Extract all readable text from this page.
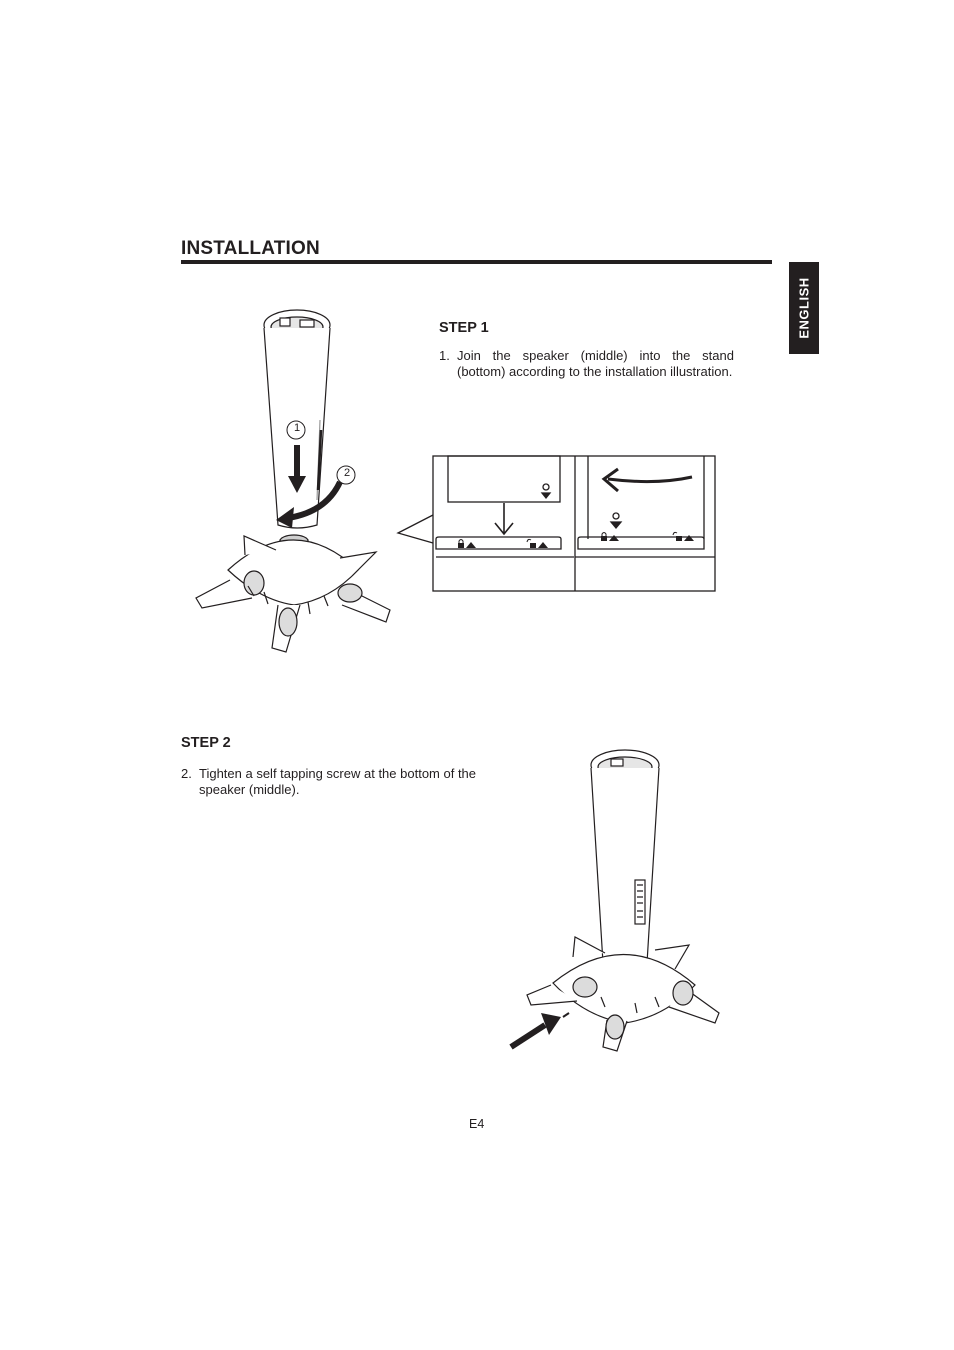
INSTALLATION
ENGLISH
STEP 1
1. Join the speaker (middle) into the stand (bottom) according to the installation illustration.
1
2
STEP 2
2. Tighten a self tapping screw at the bottom of the speaker (middle).
E4
